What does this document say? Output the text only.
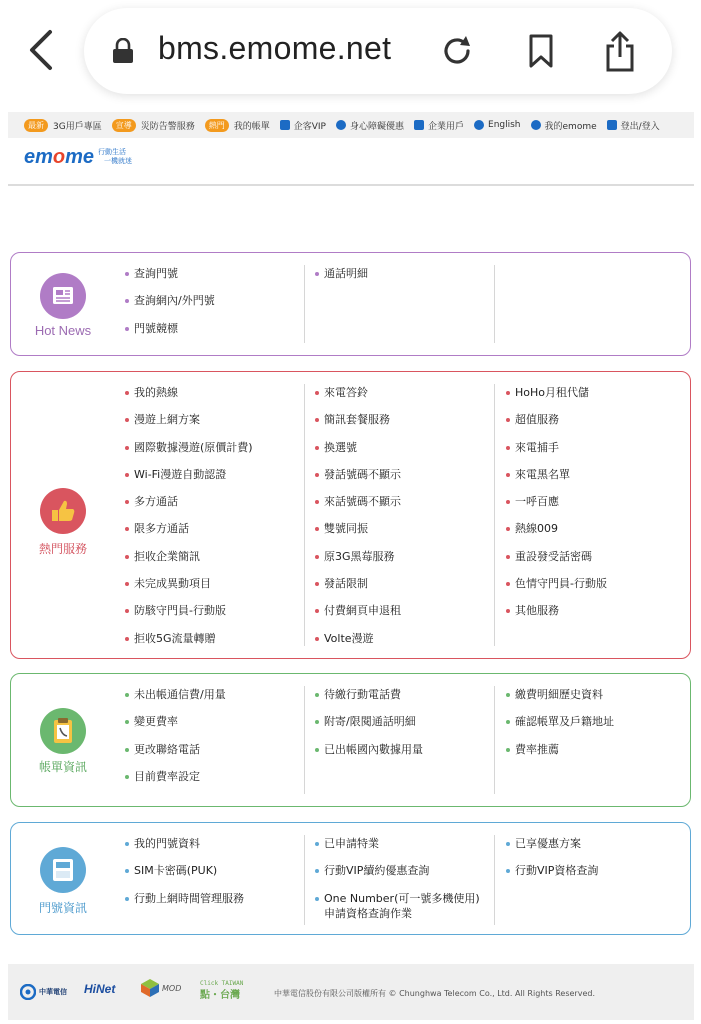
bms.emome.net
最新	3G用戶專區	宣導	災防告警服務	熱門	我的帳單	企客VIP	身心障礙優惠	企業用戶	English	我的emome	登出/登入
emome 行動生活
一機就迷
Hot News
查詢門號
查詢網內/外門號
門號競標
通話明細
熱門服務
我的熱線
漫遊上網方案
國際數據漫遊(原價計費)
Wi-Fi漫遊自動認證
多方通話
限多方通話
拒收企業簡訊
未完成異動項目
防駭守門員-行動版
拒收5G流量轉贈
來電答鈴
簡訊套餐服務
換選號
發話號碼不顯示
來話號碼不顯示
雙號同振
原3G黑莓服務
發話限制
付費網頁申退租
Volte漫遊
HoHo月租代儲
超值服務
來電捕手
來電黑名單
一呼百應
熱線009
重設發受話密碼
色情守門員-行動版
其他服務
帳單資訊
未出帳通信費/用量
變更費率
更改聯絡電話
目前費率設定
待繳行動電話費
附寄/限閱通話明細
已出帳國內數據用量
繳費明細歷史資料
確認帳單及戶籍地址
費率推薦
門號資訊
我的門號資料
SIM卡密碼(PUK)
行動上網時間管理服務
已申請特業
行動VIP續約優惠查詢
One Number(可一號多機使用)
申請資格查詢作業
已享優惠方案
行動VIP資格查詢
中華電信 HiNet	MOD	Click TAIWAN
點・台灣	中華電信股份有限公司版權所有 © Chunghwa Telecom Co., Ltd. All Rights Reserved.
